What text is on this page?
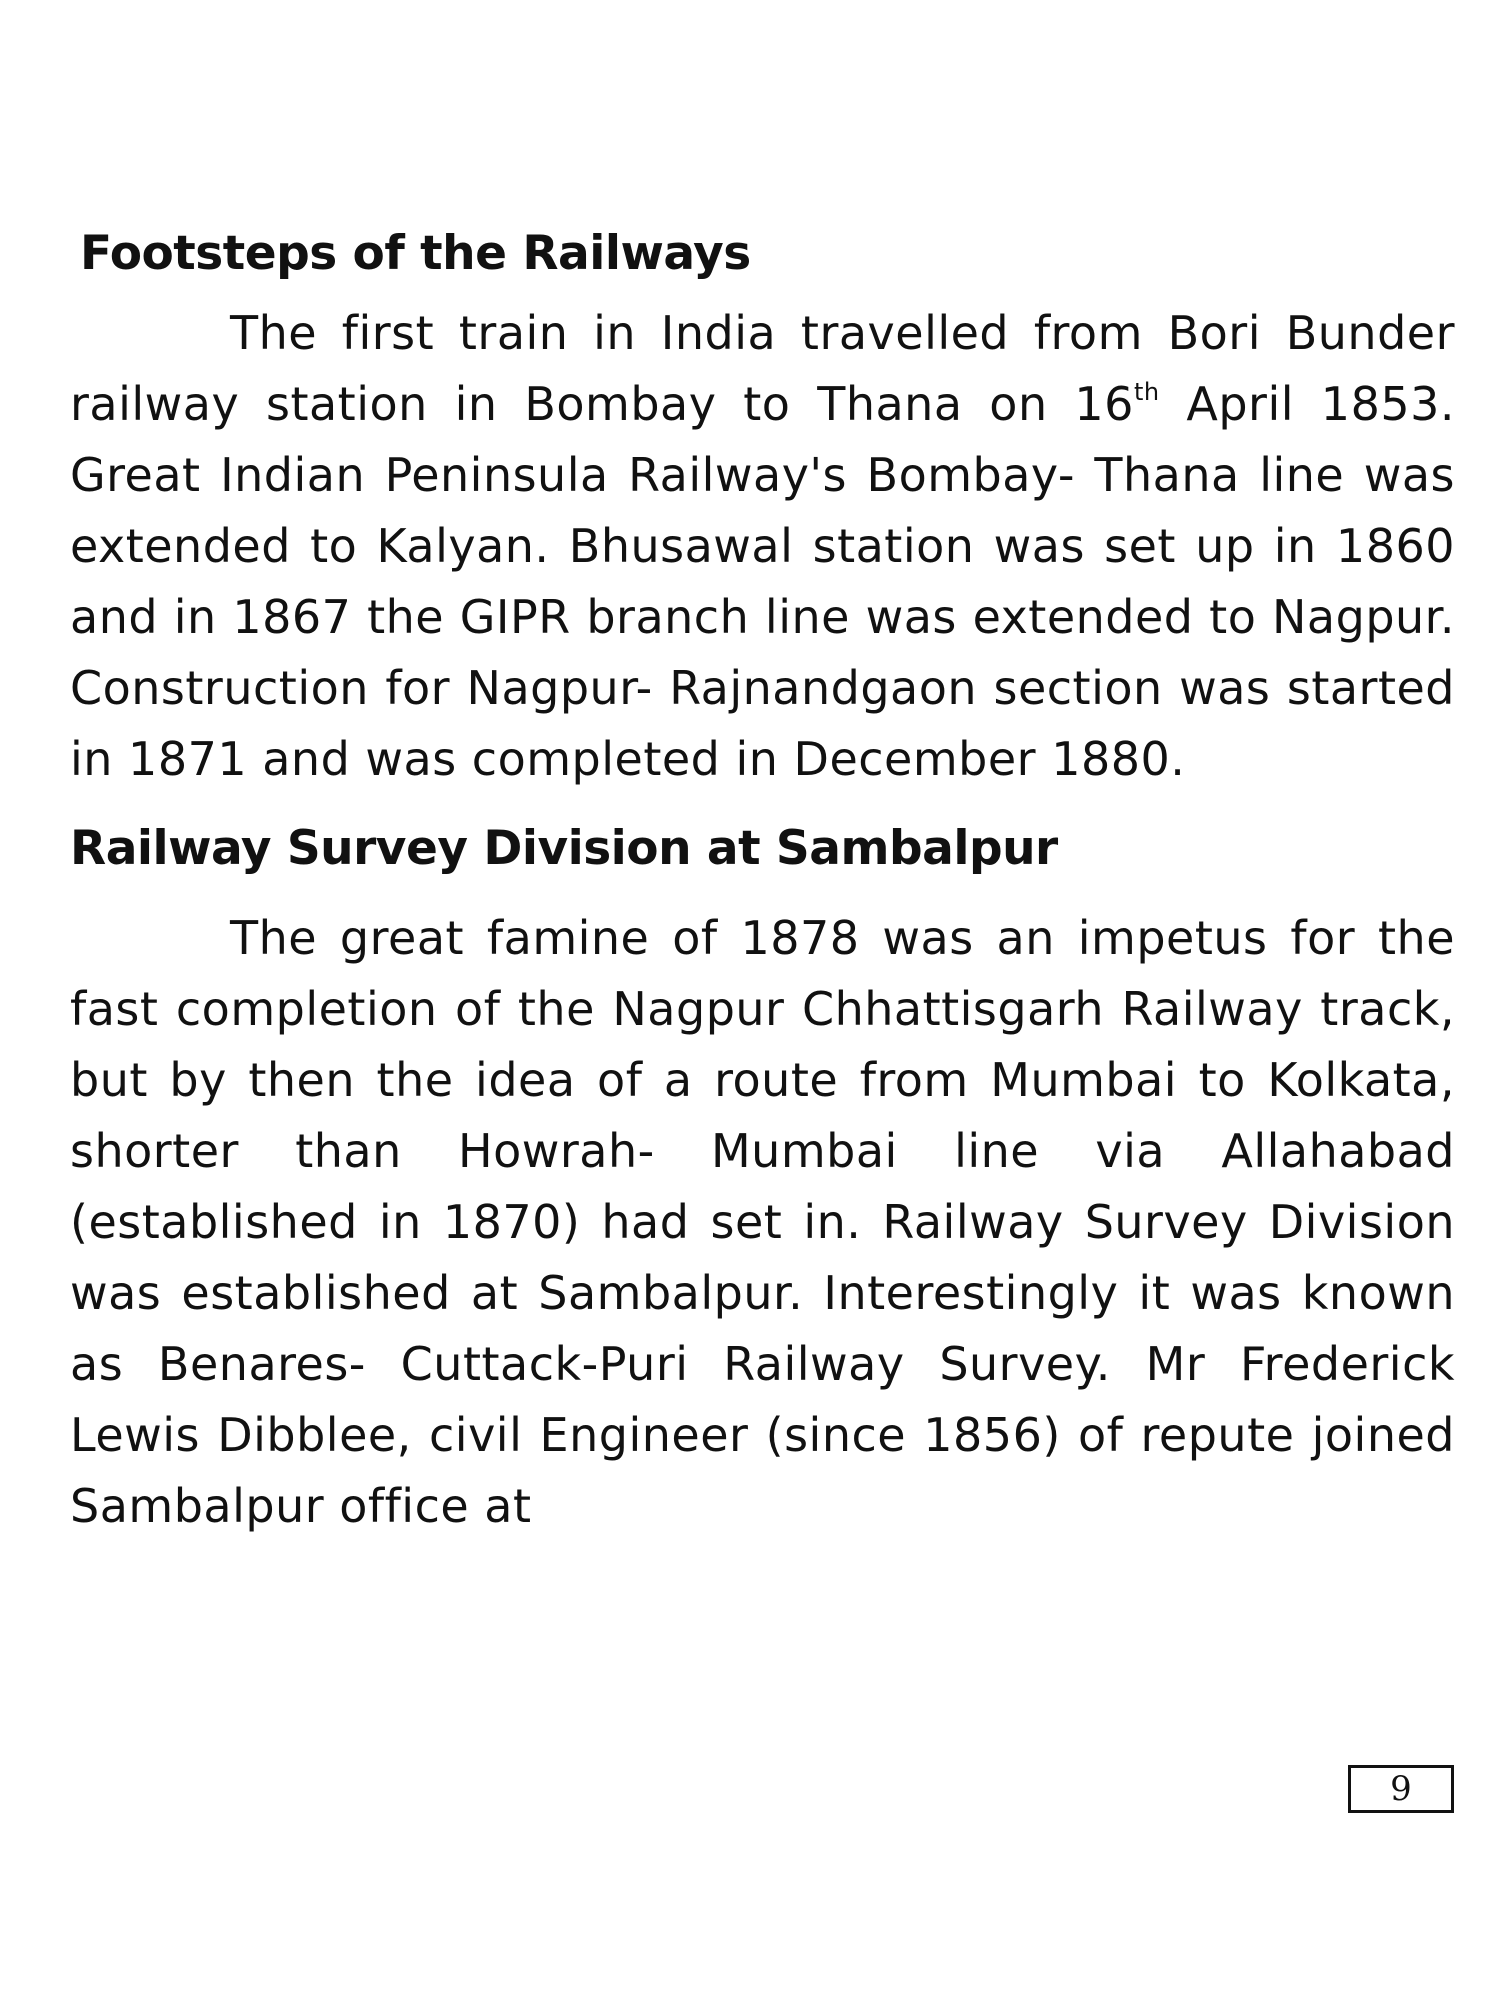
Footsteps of the Railways

The first train in India travelled from Bori Bunder railway station in Bombay to Thana on 16th April 1853. Great Indian Peninsula Railway's Bombay- Thana line was extended to Kalyan. Bhusawal station was set up in 1860 and in 1867 the GIPR branch line was extended to Nagpur. Construction for Nagpur- Rajnandgaon section was started in 1871 and was completed in December 1880.

Railway Survey Division at Sambalpur

The great famine of 1878 was an impetus for the fast completion of the Nagpur Chhattisgarh Railway track, but by then the idea of a route from Mumbai to Kolkata, shorter than Howrah- Mumbai line via Allahabad (established in 1870) had set in. Railway Survey Division was established at Sambalpur. Interestingly it was known as Benares- Cuttack-Puri Railway Survey. Mr Frederick Lewis Dibblee, civil Engineer (since 1856) of repute joined Sambalpur office at

9
